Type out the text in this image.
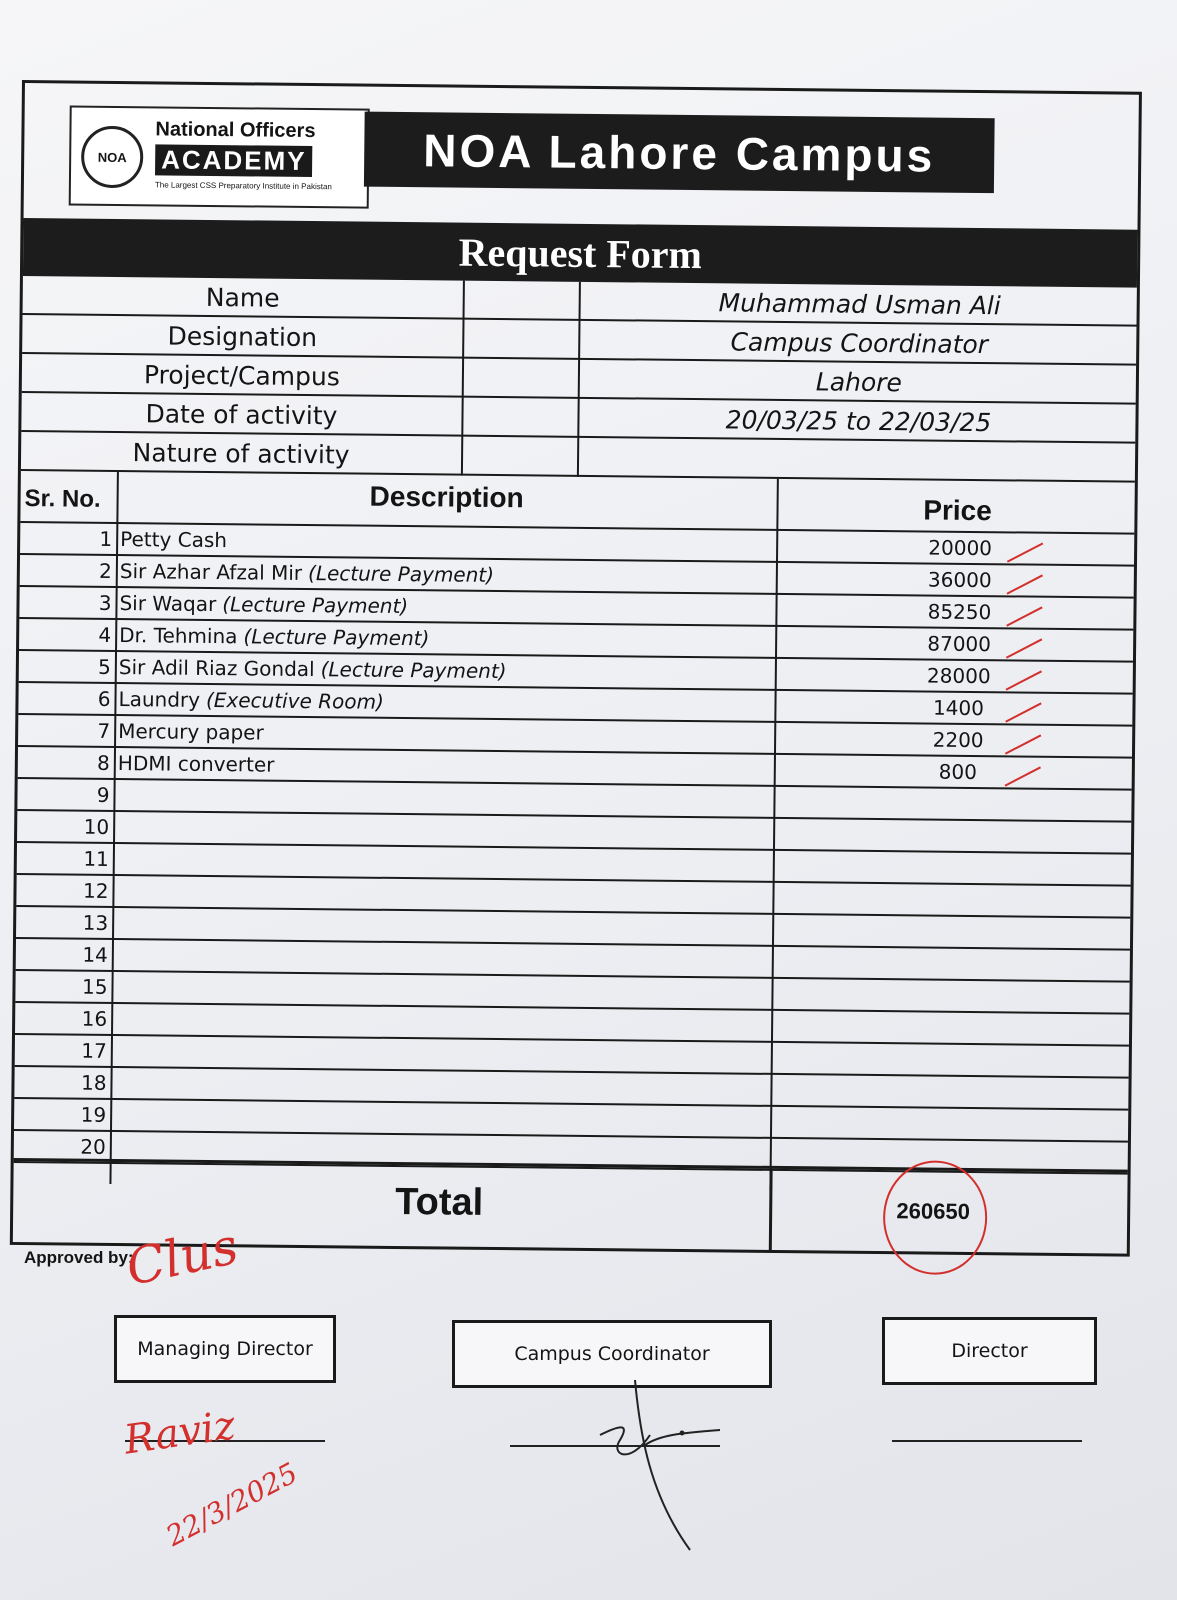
NOA
National Officers
ACADEMY
The Largest CSS Preparatory Institute in Pakistan
NOA Lahore Campus
Request Form
Name	Muhammad Usman Ali
Designation	Campus Coordinator
Project/Campus	Lahore
Date of activity	20/03/25 to 22/03/25
Nature of activity
Sr. No.	Description	Price
1 Petty Cash	20000
2 Sir Azhar Afzal Mir (Lecture Payment)	36000
3 Sir Waqar (Lecture Payment)	85250
4 Dr. Tehmina (Lecture Payment)	87000
5 Sir Adil Riaz Gondal (Lecture Payment)	28000
6 Laundry (Executive Room)	1400
7 Mercury paper	2200
8 HDMI converter	800
9
10
11
12
13
14
15
16
17
18
19
20
Total	260650
Approved by:
Clus
Managing Director	Campus Coordinator	Director
Raviz
22/3/2025
